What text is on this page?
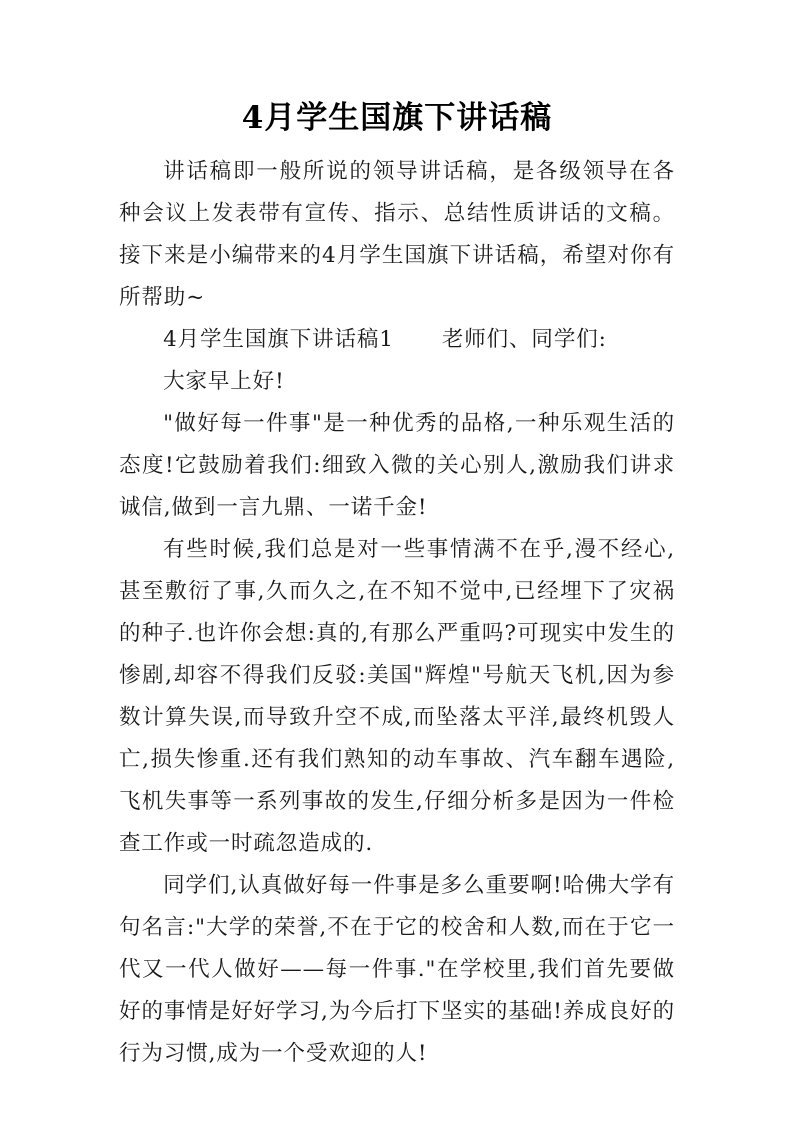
4月学生国旗下讲话稿

讲话稿即一般所说的领导讲话稿，是各级领导在各种会议上发表带有宣传、指示、总结性质讲话的文稿。接下来是小编带来的4月学生国旗下讲话稿，希望对你有所帮助~

4月学生国旗下讲话稿1 老师们、同学们:

大家早上好!

"做好每一件事"是一种优秀的品格,一种乐观生活的态度!它鼓励着我们:细致入微的关心别人,激励我们讲求诚信,做到一言九鼎、一诺千金!

有些时候,我们总是对一些事情满不在乎,漫不经心,甚至敷衍了事,久而久之,在不知不觉中,已经埋下了灾祸的种子.也许你会想:真的,有那么严重吗?可现实中发生的惨剧,却容不得我们反驳:美国"辉煌"号航天飞机,因为参数计算失误,而导致升空不成,而坠落太平洋,最终机毁人亡,损失惨重.还有我们熟知的动车事故、汽车翻车遇险,飞机失事等一系列事故的发生,仔细分析多是因为一件检查工作或一时疏忽造成的.

同学们,认真做好每一件事是多么重要啊!哈佛大学有句名言:"大学的荣誉,不在于它的校舍和人数,而在于它一代又一代人做好——每一件事."在学校里,我们首先要做好的事情是好好学习,为今后打下坚实的基础!养成良好的行为习惯,成为一个受欢迎的人!
